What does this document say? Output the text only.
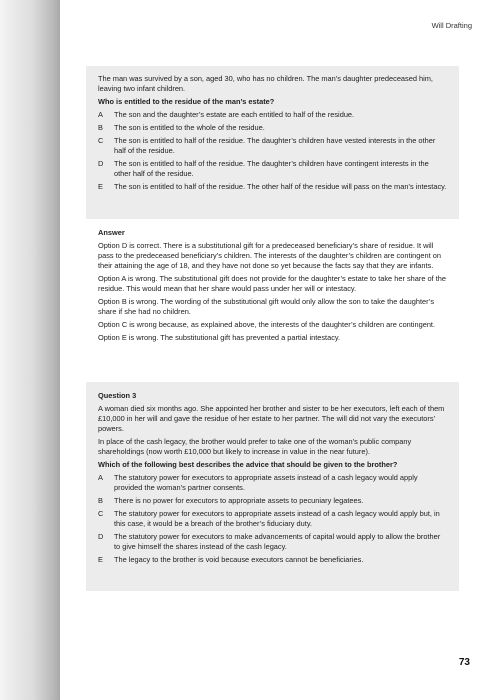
Will Drafting

The man was survived by a son, aged 30, who has no children. The man’s daughter predeceased him, leaving two infant children.

Who is entitled to the residue of the man’s estate?

A	The son and the daughter’s estate are each entitled to half of the residue.
B	The son is entitled to the whole of the residue.
C	The son is entitled to half of the residue. The daughter’s children have vested interests in the other half of the residue.
D	The son is entitled to half of the residue. The daughter’s children have contingent interests in the other half of the residue.
E	The son is entitled to half of the residue. The other half of the residue will pass on the man’s intestacy.

Answer

Option D is correct. There is a substitutional gift for a predeceased beneficiary’s share of residue. It will pass to the predeceased beneficiary’s children. The interests of the daughter’s children are contingent on their attaining the age of 18, and they have not done so yet because the facts say that they are infants.

Option A is wrong. The substitutional gift does not provide for the daughter’s estate to take her share of the residue. This would mean that her share would pass under her will or intestacy.

Option B is wrong. The wording of the substitutional gift would only allow the son to take the daughter’s share if she had no children.

Option C is wrong because, as explained above, the interests of the daughter’s children are contingent.

Option E is wrong. The substitutional gift has prevented a partial intestacy.

Question 3

A woman died six months ago. She appointed her brother and sister to be her executors, left each of them £10,000 in her will and gave the residue of her estate to her partner. The will did not vary the executors’ powers.

In place of the cash legacy, the brother would prefer to take one of the woman’s public company shareholdings (now worth £10,000 but likely to increase in value in the near future).

Which of the following best describes the advice that should be given to the brother?

A	The statutory power for executors to appropriate assets instead of a cash legacy would apply provided the woman’s partner consents.
B	There is no power for executors to appropriate assets to pecuniary legatees.
C	The statutory power for executors to appropriate assets instead of a cash legacy would apply but, in this case, it would be a breach of the brother’s fiduciary duty.
D	The statutory power for executors to make advancements of capital would apply to allow the brother to give himself the shares instead of the cash legacy.
E	The legacy to the brother is void because executors cannot be beneficiaries.
73
